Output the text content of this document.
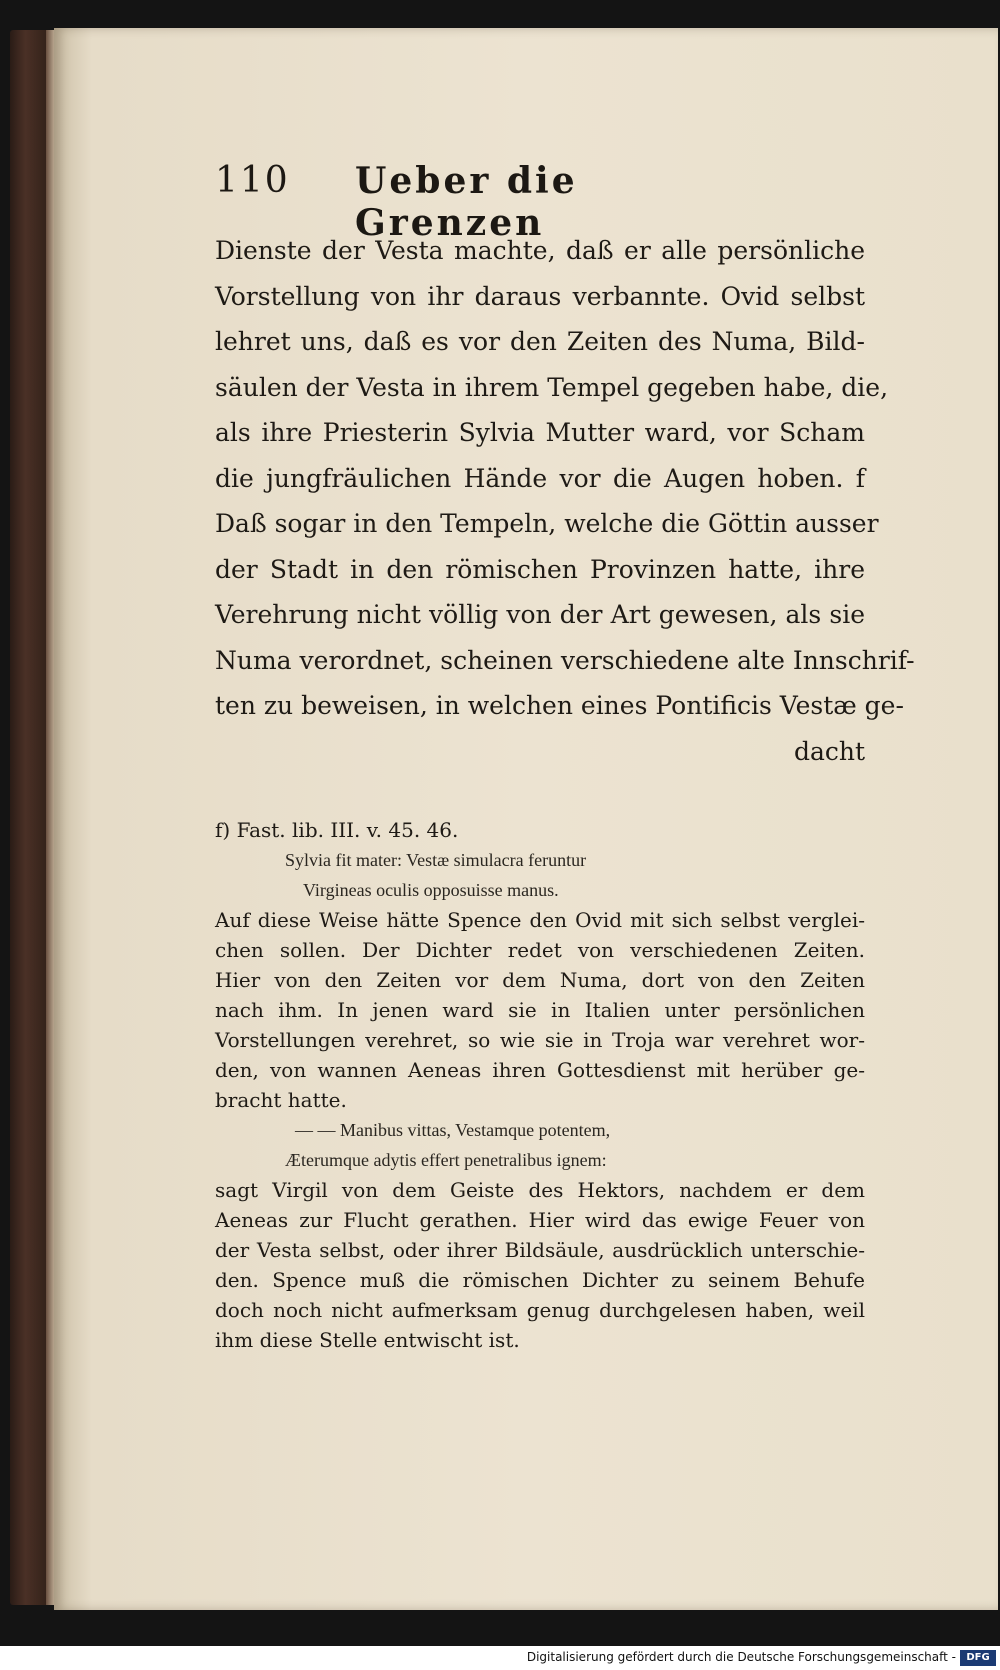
110 Ueber die Grenzen
Dienste der Vesta machte, daß er alle persönliche
Vorstellung von ihr daraus verbannte. Ovid selbst
lehret uns, daß es vor den Zeiten des Numa, Bild-
säulen der Vesta in ihrem Tempel gegeben habe, die,
als ihre Priesterin Sylvia Mutter ward, vor Scham
die jungfräulichen Hände vor die Augen hoben. f
Daß sogar in den Tempeln, welche die Göttin ausser
der Stadt in den römischen Provinzen hatte, ihre
Verehrung nicht völlig von der Art gewesen, als sie
Numa verordnet, scheinen verschiedene alte Innschrif-
ten zu beweisen, in welchen eines Pontificis Vestæ ge-
dacht
f) Fast. lib. III. v. 45. 46.
Sylvia fit mater: Vestæ simulacra feruntur
Virgineas oculis opposuisse manus.
Auf diese Weise hätte Spence den Ovid mit sich selbst verglei-
chen sollen. Der Dichter redet von verschiedenen Zeiten.
Hier von den Zeiten vor dem Numa, dort von den Zeiten
nach ihm. In jenen ward sie in Italien unter persönlichen
Vorstellungen verehret, so wie sie in Troja war verehret wor-
den, von wannen Aeneas ihren Gottesdienst mit herüber ge-
bracht hatte.
— — Manibus vittas, Vestamque potentem,
Æterumque adytis effert penetralibus ignem:
sagt Virgil von dem Geiste des Hektors, nachdem er dem
Aeneas zur Flucht gerathen. Hier wird das ewige Feuer von
der Vesta selbst, oder ihrer Bildsäule, ausdrücklich unterschie-
den. Spence muß die römischen Dichter zu seinem Behufe
doch noch nicht aufmerksam genug durchgelesen haben, weil
ihm diese Stelle entwischt ist.
Digitalisierung gefördert durch die Deutsche Forschungsgemeinschaft -	DFG
